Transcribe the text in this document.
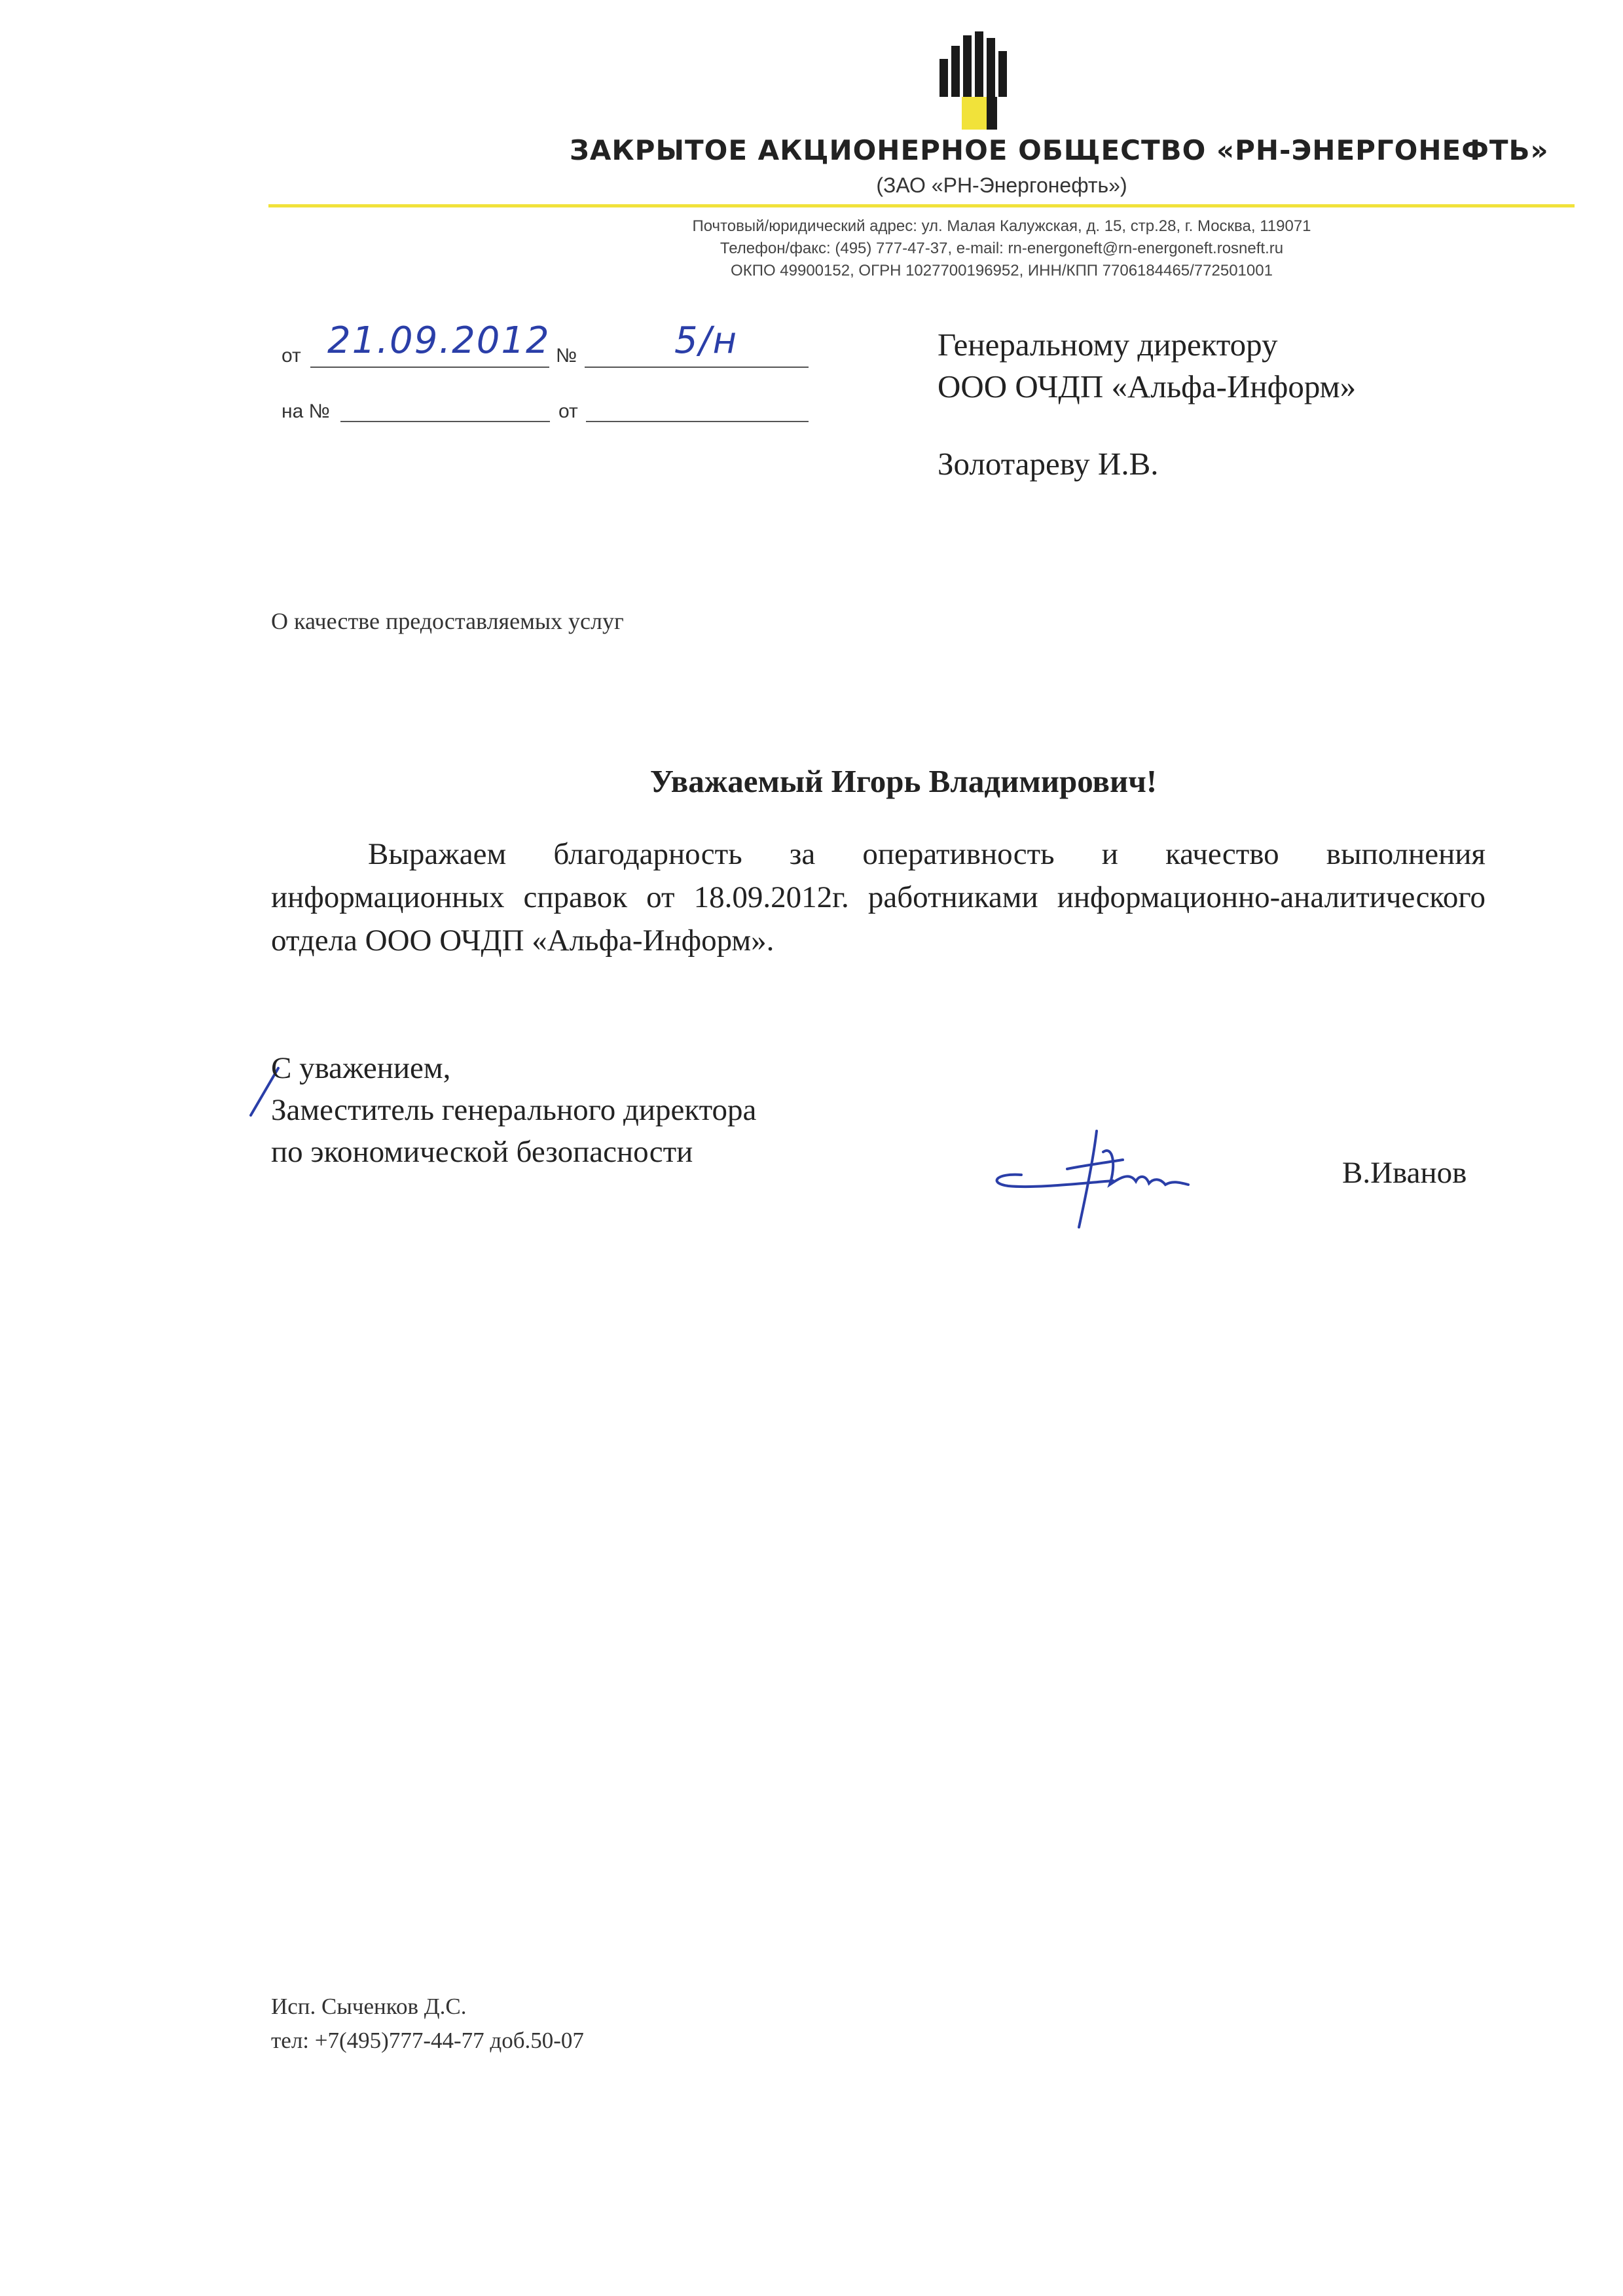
ЗАКРЫТОЕ АКЦИОНЕРНОЕ ОБЩЕСТВО «РН-ЭНЕРГОНЕФТЬ»
(ЗАО «РН-Энергонефть»)
Почтовый/юридический адрес: ул. Малая Калужская, д. 15, стр.28, г. Москва, 119071
Телефон/факс: (495) 777-47-37, e-mail: rn-energoneft@rn-energoneft.rosneft.ru
ОКПО 49900152, ОГРН 1027700196952, ИНН/КПП 7706184465/772501001
от 21.09.2012 №	5/н
на №	от
Генеральному директору
ООО ОЧДП «Альфа-Информ»
Золотареву И.В.
О качестве предоставляемых услуг
Уважаемый Игорь Владимирович!
Выражаем благодарность за оперативность и качество выполнения информационных справок от 18.09.2012г. работниками информационно-аналитического отдела ООО ОЧДП «Альфа-Информ».
С уважением,
Заместитель генерального директора
по экономической безопасности
В.Иванов
Исп. Сыченков Д.С.
тел: +7(495)777-44-77 доб.50-07
